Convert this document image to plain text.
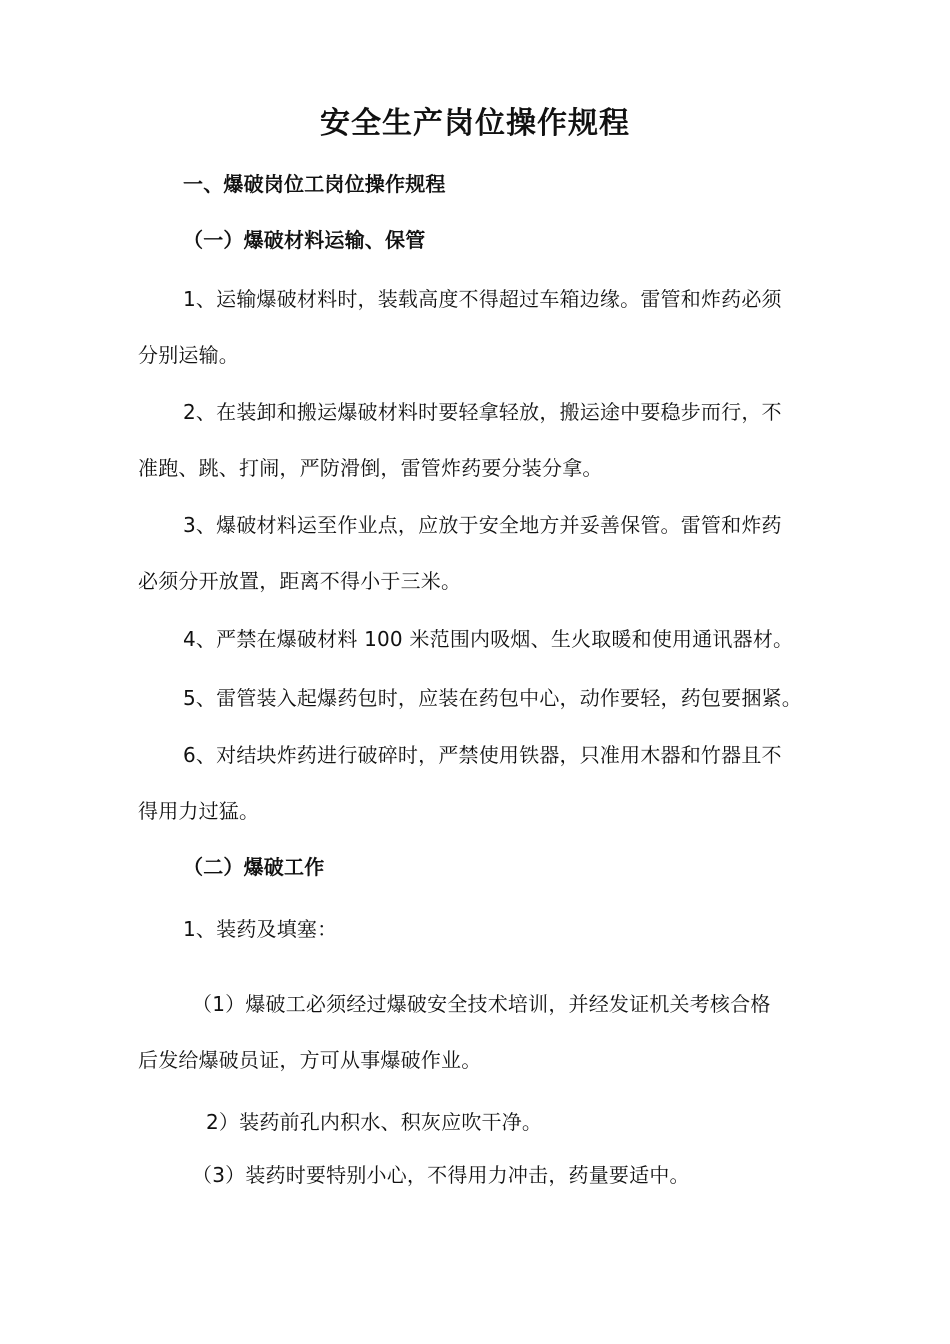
安全生产岗位操作规程
一、爆破岗位工岗位操作规程
（一）爆破材料运输、保管
1、运输爆破材料时，装载高度不得超过车箱边缘。雷管和炸药必须
分别运输。
2、在装卸和搬运爆破材料时要轻拿轻放，搬运途中要稳步而行，不
准跑、跳、打闹，严防滑倒，雷管炸药要分装分拿。
3、爆破材料运至作业点，应放于安全地方并妥善保管。雷管和炸药
必须分开放置，距离不得小于三米。
4、严禁在爆破材料 100 米范围内吸烟、生火取暖和使用通讯器材。
5、雷管装入起爆药包时，应装在药包中心，动作要轻，药包要捆紧。
6、对结块炸药进行破碎时，严禁使用铁器，只准用木器和竹器且不
得用力过猛。
（二）爆破工作
1、装药及填塞：
（1）爆破工必须经过爆破安全技术培训，并经发证机关考核合格
后发给爆破员证，方可从事爆破作业。
2）装药前孔内积水、积灰应吹干净。
（3）装药时要特别小心，不得用力冲击，药量要适中。
